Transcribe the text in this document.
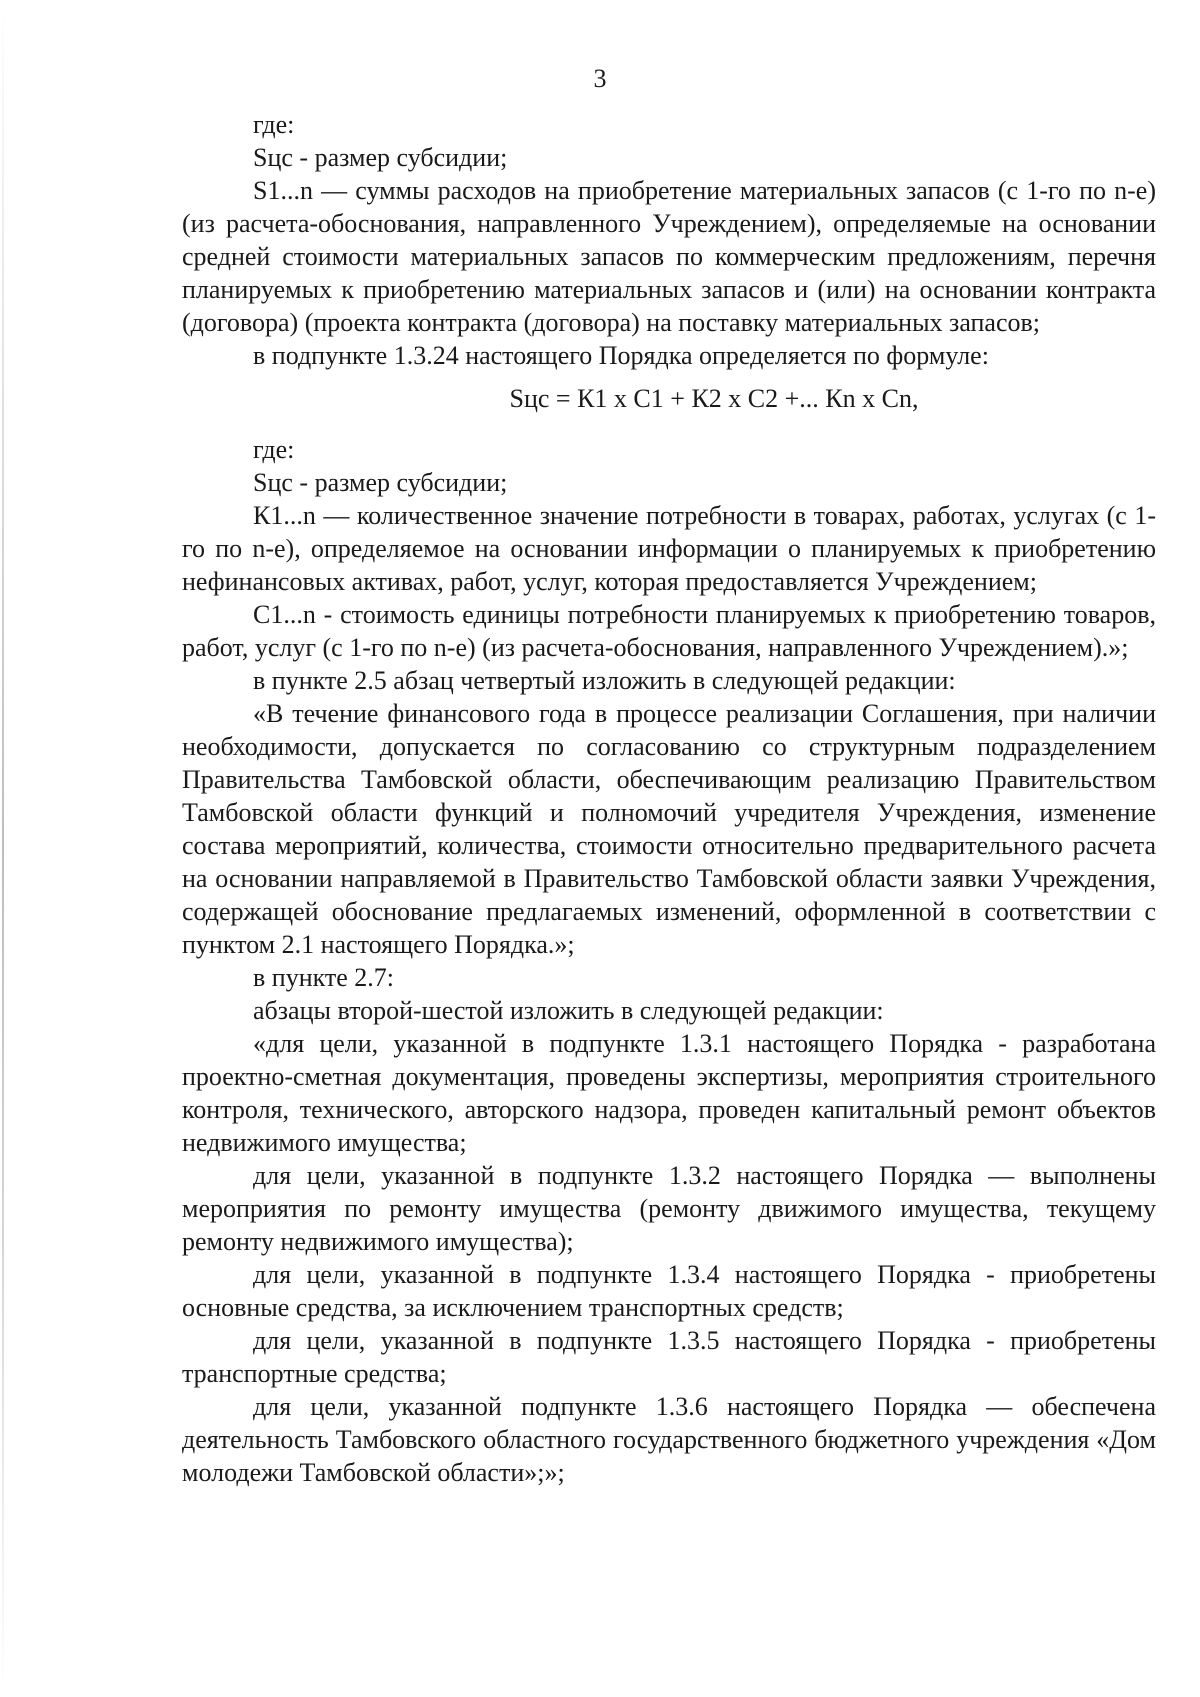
3

где:

Sцс - размер субсидии;

S1...n — суммы расходов на приобретение материальных запасов (с 1-го по n-е) (из расчета-обоснования, направленного Учреждением), определяемые на основании средней стоимости материальных запасов по коммерческим предложениям, перечня планируемых к приобретению материальных запасов и (или) на основании контракта (договора) (проекта контракта (договора) на поставку материальных запасов;

в подпункте 1.3.24 настоящего Порядка определяется по формуле:

Sцс = К1 х С1 + К2 х С2 +... Кn х Сn,

где:

Sцс - размер субсидии;

К1...n — количественное значение потребности в товарах, работах, услугах (с 1-го по n-е), определяемое на основании информации о планируемых к приобретению нефинансовых активах, работ, услуг, которая предоставляется Учреждением;

С1...n - стоимость единицы потребности планируемых к приобретению товаров, работ, услуг (с 1-го по n-е) (из расчета-обоснования, направленного Учреждением).»;

в пункте 2.5 абзац четвертый изложить в следующей редакции:

«В течение финансового года в процессе реализации Соглашения, при наличии необходимости, допускается по согласованию со структурным подразделением Правительства Тамбовской области, обеспечивающим реализацию Правительством Тамбовской области функций и полномочий учредителя Учреждения, изменение состава мероприятий, количества, стоимости относительно предварительного расчета на основании направляемой в Правительство Тамбовской области заявки Учреждения, содержащей обоснование предлагаемых изменений, оформленной в соответствии с пунктом 2.1 настоящего Порядка.»;

в пункте 2.7:

абзацы второй-шестой изложить в следующей редакции:

«для цели, указанной в подпункте 1.3.1 настоящего Порядка - разработана проектно-сметная документация, проведены экспертизы, мероприятия строительного контроля, технического, авторского надзора, проведен капитальный ремонт объектов недвижимого имущества;

для цели, указанной в подпункте 1.3.2 настоящего Порядка — выполнены мероприятия по ремонту имущества (ремонту движимого имущества, текущему ремонту недвижимого имущества);

для цели, указанной в подпункте 1.3.4 настоящего Порядка - приобретены основные средства, за исключением транспортных средств;

для цели, указанной в подпункте 1.3.5 настоящего Порядка - приобретены транспортные средства;

для цели, указанной подпункте 1.3.6 настоящего Порядка — обеспечена деятельность Тамбовского областного государственного бюджетного учреждения «Дом молодежи Тамбовской области»;»;
